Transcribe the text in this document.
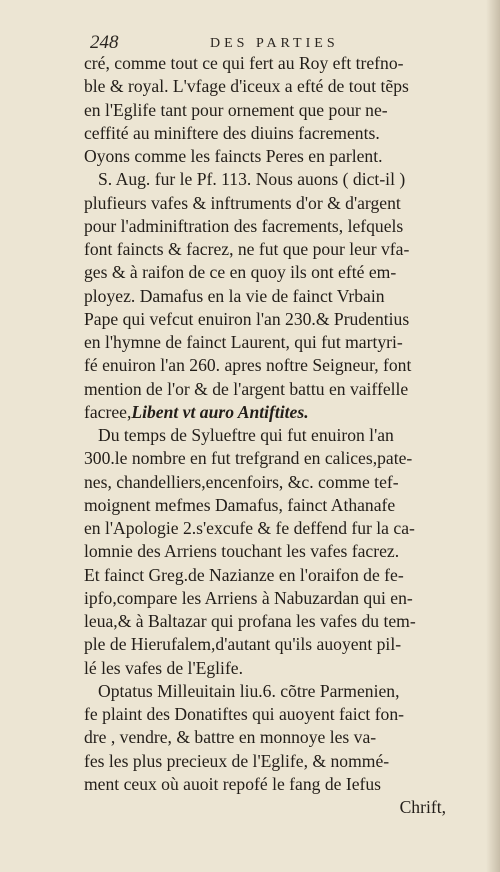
248	DES PARTIES
cré, comme tout ce qui fert au Roy eft trefno-
ble & royal. L'vfage d'iceux a efté de tout tẽps
en l'Eglife tant pour ornement que pour ne-
ceffité au miniftere des diuins facrements.
Oyons comme les faincts Peres en parlent.
S. Aug. fur le Pf. 113. Nous auons ( dict-il )
plufieurs vafes & inftruments d'or & d'argent
pour l'adminiftration des facrements, lefquels
font faincts & facrez, ne fut que pour leur vfa-
ges & à raifon de ce en quoy ils ont efté em-
ployez. Damafus en la vie de fainct Vrbain
Pape qui vefcut enuiron l'an 230.& Prudentius
en l'hymne de fainct Laurent, qui fut martyri-
fé enuiron l'an 260. apres noftre Seigneur, font
mention de l'or & de l'argent battu en vaiffelle
facree,Libent vt auro Antiftites.
Du temps de Sylueftre qui fut enuiron l'an
300.le nombre en fut trefgrand en calices,pate-
nes, chandelliers,encenfoirs, &c. comme tef-
moignent mefmes Damafus, fainct Athanafe
en l'Apologie 2.s'excufe & fe deffend fur la ca-
lomnie des Arriens touchant les vafes facrez.
Et fainct Greg.de Nazianze en l'oraifon de fe-
ipfo,compare les Arriens à Nabuzardan qui en-
leua,& à Baltazar qui profana les vafes du tem-
ple de Hierufalem,d'autant qu'ils auoyent pil-
lé les vafes de l'Eglife.
Optatus Milleuitain liu.6. cõtre Parmenien,
fe plaint des Donatiftes qui auoyent faict fon-
dre , vendre, & battre en monnoye les va-
fes les plus precieux de l'Eglife, & nommé-
ment ceux où auoit repofé le fang de Iefus
Chrift,
